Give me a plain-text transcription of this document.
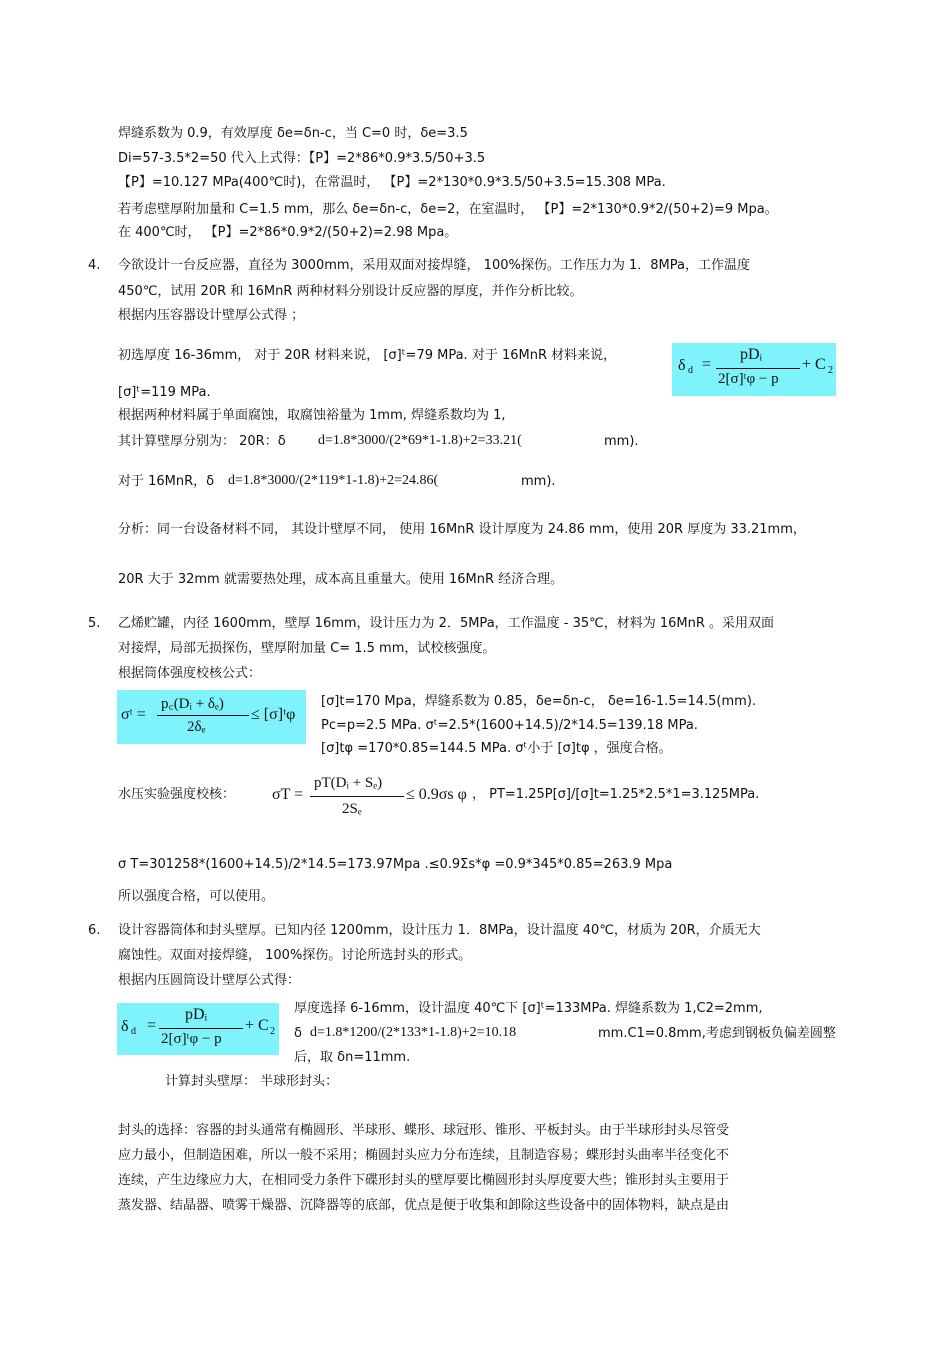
焊缝系数为 0.9，有效厚度 δe=δn-c，当 C=0 时，δe=3.5
Di=57-3.5*2=50 代入上式得：【P】=2*86*0.9*3.5/50+3.5
【P】=10.127 MPa(400℃时)，在常温时， 【P】=2*130*0.9*3.5/50+3.5=15.308 MPa.
若考虑壁厚附加量和 C=1.5 mm，那么 δe=δn-c，δe=2，在室温时， 【P】=2*130*0.9*2/(50+2)=9 Mpa。
在 400℃时， 【P】=2*86*0.9*2/(50+2)=2.98 Mpa。
4. 今欲设计一台反应器，直径为 3000mm，采用双面对接焊缝， 100%探伤。工作压力为 1．8MPa，工作温度
450℃，试用 20R 和 16MnR 两种材料分别设计反应器的厚度，并作分析比较。
根据内压容器设计壁厚公式得 ；
δ d =
pDᵢ
2[σ]ᵗφ − p
+ C 2
初选厚度 16-36mm， 对于 20R 材料来说， [σ]ᵗ=79 MPa. 对于 16MnR 材料来说，
[σ]ᵗ=119 MPa.
根据两种材料属于单面腐蚀，取腐蚀裕量为 1mm, 焊缝系数均为 1,
其计算壁厚分别为： 20R：δ d=1.8*3000/(2*69*1-1.8)+2=33.21(	mm).
对于 16MnR，δ d=1.8*3000/(2*119*1-1.8)+2=24.86(	mm).
分析：同一台设备材料不同， 其设计壁厚不同， 使用 16MnR 设计厚度为 24.86 mm，使用 20R 厚度为 33.21mm，
20R 大于 32mm 就需要热处理，成本高且重量大。使用 16MnR 经济合理。
5. 乙烯贮罐，内径 1600mm，壁厚 16mm，设计压力为 2．5MPa，工作温度 - 35℃，材料为 16MnR 。采用双面
对接焊，局部无损探伤，壁厚附加量 C= 1.5 mm，试校核强度。
根据筒体强度校核公式：
σᵗ =
p꜀(Dᵢ + δₑ)
2δₑ
≤ [σ]ᵗφ
[σ]t=170 Mpa，焊缝系数为 0.85，δe=δn-c， δe=16-1.5=14.5(mm).
Pc=p=2.5 MPa. σᵗ=2.5*(1600+14.5)/2*14.5=139.18 MPa.
[σ]tφ =170*0.85=144.5 MPa. σᵗ小于 [σ]tφ ，强度合格。
水压实验强度校核： σT =
pT(Dᵢ + Sₑ)
2Sₑ
≤ 0.9σs φ ， PT=1.25P[σ]/[σ]t=1.25*2.5*1=3.125MPa.
σ T=301258*(1600+14.5)/2*14.5=173.97Mpa .≤0.9Σs*φ =0.9*345*0.85=263.9 Mpa
所以强度合格，可以使用。
6. 设计容器筒体和封头壁厚。已知内径 1200mm，设计压力 1．8MPa，设计温度 40℃，材质为 20R，介质无大
腐蚀性。双面对接焊缝， 100%探伤。讨论所选封头的形式。
根据内压圆筒设计壁厚公式得：
δ d =
pDᵢ
2[σ]ᵗφ − p
+ C 2
厚度选择 6-16mm，设计温度 40℃下 [σ]ᵗ=133MPa. 焊缝系数为 1,C2=2mm,
δ d=1.8*1200/(2*133*1-1.8)+2=10.18	mm.C1=0.8mm,考虑到钢板负偏差圆整
后，取 δn=11mm.
计算封头壁厚： 半球形封头：
封头的选择：容器的封头通常有椭圆形、半球形、蝶形、球冠形、锥形、平板封头。由于半球形封头尽管受
应力最小，但制造困难，所以一般不采用；椭圆封头应力分布连续，且制造容易；蝶形封头曲率半径变化不
连续，产生边缘应力大，在相同受力条件下碟形封头的壁厚要比椭圆形封头厚度要大些；锥形封头主要用于
蒸发器、结晶器、喷雾干燥器、沉降器等的底部，优点是便于收集和卸除这些设备中的固体物料，缺点是由
